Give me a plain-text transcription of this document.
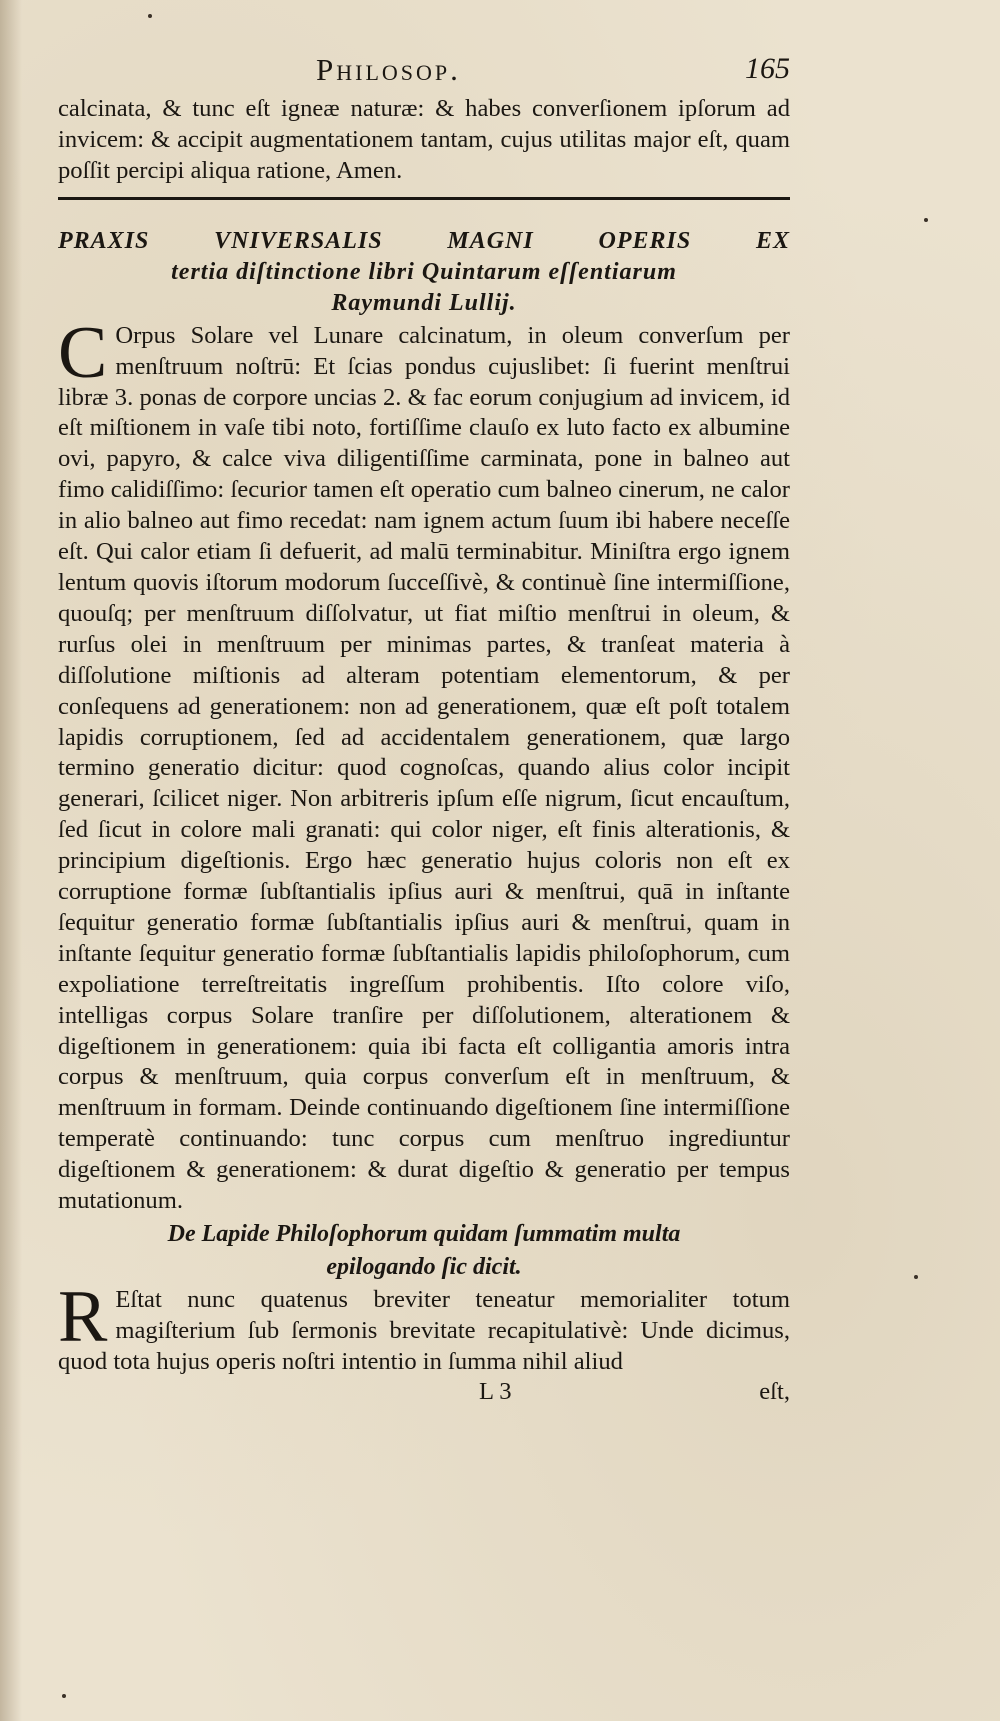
Philosop.	165

calcinata, & tunc eſt igneæ naturæ: & habes converſionem ipſorum ad invicem: & accipit augmentationem tantam, cujus utilitas major eſt, quam poſſit percipi aliqua ratione, Amen.

PRAXIS VNIVERSALIS MAGNI OPERIS EX
tertia diſtinctione libri Quintarum eſſentiarum
Raymundi Lullij.

C Orpus Solare vel Lunare calcinatum, in oleum converſum per menſtruum noſtrū: Et ſcias pondus cujuslibet: ſi fuerint menſtrui libræ 3. ponas de corpore uncias 2. & fac eorum conjugium ad invicem, id eſt miſtionem in vaſe tibi noto, fortiſſime clauſo ex luto facto ex albumine ovi, papyro, & calce viva diligentiſſime carminata, pone in balneo aut fimo calidiſſimo: ſecurior tamen eſt operatio cum balneo cinerum, ne calor in alio balneo aut fimo recedat: nam ignem actum ſuum ibi habere neceſſe eſt. Qui calor etiam ſi defuerit, ad malū terminabitur. Miniſtra ergo ignem lentum quovis iſtorum modorum ſucceſſivè, & continuè ſine intermiſſione, quouſq; per menſtruum diſſolvatur, ut fiat miſtio menſtrui in oleum, & rurſus olei in menſtruum per minimas partes, & tranſeat materia à diſſolutione miſtionis ad alteram potentiam elementorum, & per conſequens ad generationem: non ad generationem, quæ eſt poſt totalem lapidis corruptionem, ſed ad accidentalem generationem, quæ largo termino generatio dicitur: quod cognoſcas, quando alius color incipit generari, ſcilicet niger. Non arbitreris ipſum eſſe nigrum, ſicut encauſtum, ſed ſicut in colore mali granati: qui color niger, eſt finis alterationis, & principium digeſtionis. Ergo hæc generatio hujus coloris non eſt ex corruptione formæ ſubſtantialis ipſius auri & menſtrui, quā in inſtante ſequitur generatio formæ ſubſtantialis ipſius auri & menſtrui, quam in inſtante ſequitur generatio formæ ſubſtantialis lapidis philoſophorum, cum expoliatione terreſtreitatis ingreſſum prohibentis. Iſto colore viſo, intelligas corpus Solare tranſire per diſſolutionem, alterationem & digeſtionem in generationem: quia ibi facta eſt colligantia amoris intra corpus & menſtruum, quia corpus converſum eſt in menſtruum, & menſtruum in formam. Deinde continuando digeſtionem ſine intermiſſione temperatè continuando: tunc corpus cum menſtruo ingrediuntur digeſtionem & generationem: & durat digeſtio & generatio per tempus mutationum.

De Lapide Philoſophorum quidam ſummatim multa
epilogando ſic dicit.

R Eſtat nunc quatenus breviter teneatur memorialiter totum magiſterium ſub ſermonis brevitate recapitulativè: Unde dicimus, quod tota hujus operis noſtri intentio in ſumma nihil aliud

L 3	eſt,
